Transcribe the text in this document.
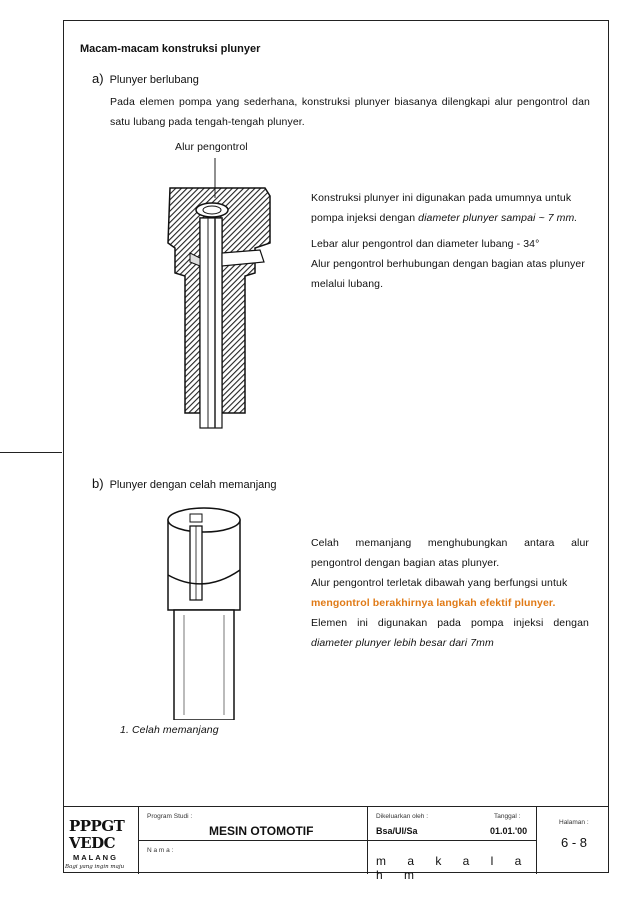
Macam-macam konstruksi plunyer
a) Plunyer berlubang
Pada elemen pompa yang sederhana, konstruksi plunyer biasanya dilengkapi alur pengontrol dan
satu lubang pada tengah-tengah plunyer.
Alur pengontrol
Konstruksi plunyer ini digunakan pada umumnya untuk
pompa injeksi dengan diameter plunyer sampai ~ 7 mm.
Lebar alur pengontrol dan diameter lubang - 34°
Alur pengontrol berhubungan dengan bagian atas plunyer
melalui lubang.
b) Plunyer dengan celah memanjang
Celah memanjang menghubungkan antara alur
pengontrol dengan bagian atas plunyer.
Alur pengontrol terletak dibawah yang berfungsi untuk
mengontrol berakhirnya langkah efektif plunyer.
Elemen ini digunakan pada pompa injeksi dengan
diameter plunyer lebih besar dari 7mm
1. Celah memanjang
PPPGT
VEDC
MALANG
Bagi yang ingin maju
Program Studi :
MESIN OTOMOTIF
N a m a :
Dikeluarkan oleh :
Bsa/Ul/Sa
Tanggal :
01.01.'00
m a k a l a h m
Halaman :
6 - 8
